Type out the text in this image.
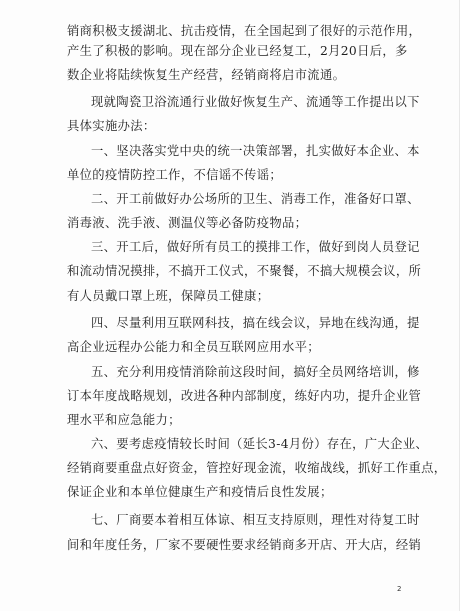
销商积极支援湖北、抗击疫情，在全国起到了很好的示范作用，
产生了积极的影响。现在部分企业已经复工，2月20日后，多
数企业将陆续恢复生产经营，经销商将启市流通。
现就陶瓷卫浴流通行业做好恢复生产、流通等工作提出以下
具体实施办法：
一、坚决落实党中央的统一决策部署，扎实做好本企业、本
单位的疫情防控工作，不信谣不传谣；
二、开工前做好办公场所的卫生、消毒工作，准备好口罩、
消毒液、洗手液、测温仪等必备防疫物品；
三、开工后，做好所有员工的摸排工作，做好到岗人员登记
和流动情况摸排，不搞开工仪式，不聚餐，不搞大规模会议，所
有人员戴口罩上班，保障员工健康；
四、尽量利用互联网科技，搞在线会议，异地在线沟通，提
高企业远程办公能力和全员互联网应用水平；
五、充分利用疫情消除前这段时间，搞好全员网络培训，修
订本年度战略规划，改进各种内部制度，练好内功，提升企业管
理水平和应急能力；
六、要考虑疫情较长时间（延长3-4月份）存在，广大企业、
经销商要重盘点好资金，管控好现金流，收缩战线，抓好工作重点，
保证企业和本单位健康生产和疫情后良性发展；
七、厂商要本着相互体谅、相互支持原则，理性对待复工时
间和年度任务，厂家不要硬性要求经销商多开店、开大店，经销
2
